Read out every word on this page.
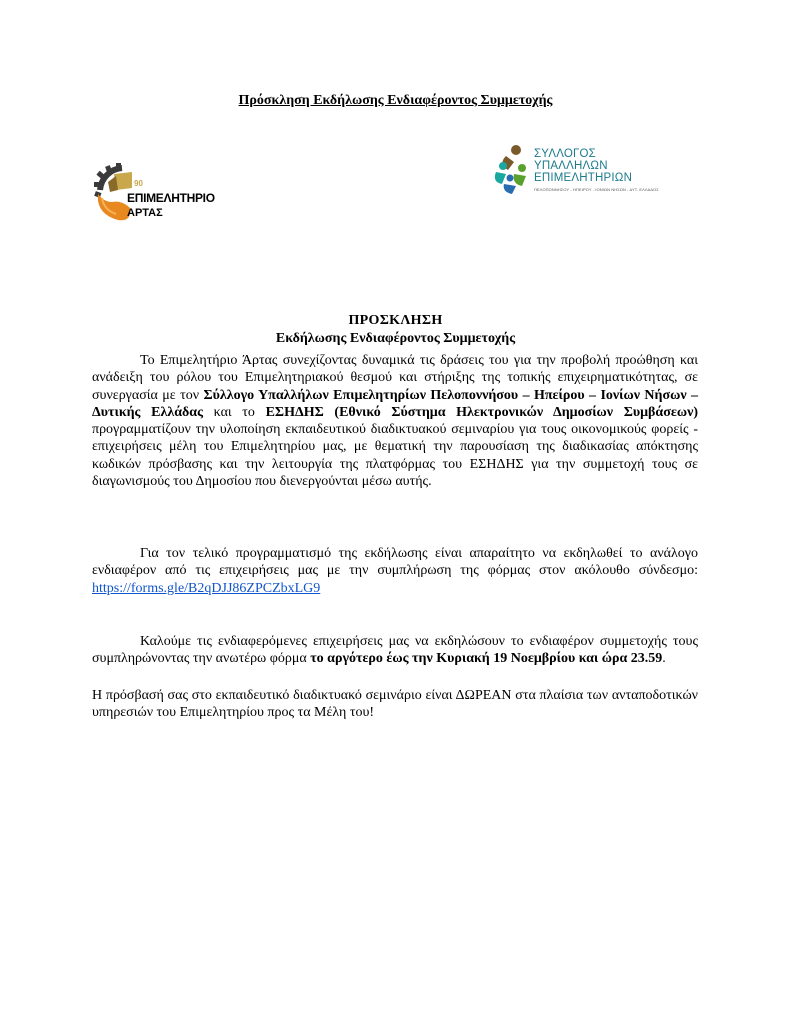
Πρόσκληση Εκδήλωσης Ενδιαφέροντος Συμμετοχής
90
ΕΠΙΜΕΛΗΤΗΡΙΟ
ΑΡΤΑΣ
ΣΥΛΛΟΓΟΣ
ΥΠΑΛΛΗΛΩΝ
ΕΠΙΜΕΛΗΤΗΡΙΩΝ
ΠΕΛΟΠΟΝΝΗΣΟΥ - ΗΠΕΙΡΟΥ - ΙΟΝΙΩΝ ΝΗΣΩΝ - ΔΥΤ. ΕΛΛΑΔΟΣ
ΠΡΟΣΚΛΗΣΗ
Εκδήλωσης Ενδιαφέροντος Συμμετοχής

Το Επιμελητήριο Άρτας συνεχίζοντας δυναμικά τις δράσεις του για την προβολή προώθηση και ανάδειξη του ρόλου του Επιμελητηριακού θεσμού και στήριξης της τοπικής επιχειρηματικότητας, σε συνεργασία με τον Σύλλογο Υπαλλήλων Επιμελητηρίων Πελοποννήσου – Ηπείρου – Ιονίων Νήσων – Δυτικής Ελλάδας και το ΕΣΗΔΗΣ (Εθνικό Σύστημα Ηλεκτρονικών Δημοσίων Συμβάσεων) προγραμματίζουν την υλοποίηση εκπαιδευτικού διαδικτυακού σεμιναρίου για τους οικονομικούς φορείς - επιχειρήσεις μέλη του Επιμελητηρίου μας, με θεματική την παρουσίαση της διαδικασίας απόκτησης κωδικών πρόσβασης και την λειτουργία της πλατφόρμας του ΕΣΗΔΗΣ για την συμμετοχή τους σε διαγωνισμούς του Δημοσίου που διενεργούνται μέσω αυτής.

Για τον τελικό προγραμματισμό της εκδήλωσης είναι απαραίτητο να εκδηλωθεί το ανάλογο ενδιαφέρον από τις επιχειρήσεις μας με την συμπλήρωση της φόρμας στον ακόλουθο σύνδεσμο: https://forms.gle/B2qDJJ86ZPCZbxLG9

Καλούμε τις ενδιαφερόμενες επιχειρήσεις μας να εκδηλώσουν το ενδιαφέρον συμμετοχής τους συμπληρώνοντας την ανωτέρω φόρμα το αργότερο έως την Κυριακή 19 Νοεμβρίου και ώρα 23.59.

Η πρόσβασή σας στο εκπαιδευτικό διαδικτυακό σεμινάριο είναι ΔΩΡΕΑΝ στα πλαίσια των ανταποδοτικών υπηρεσιών του Επιμελητηρίου προς τα Μέλη του!
